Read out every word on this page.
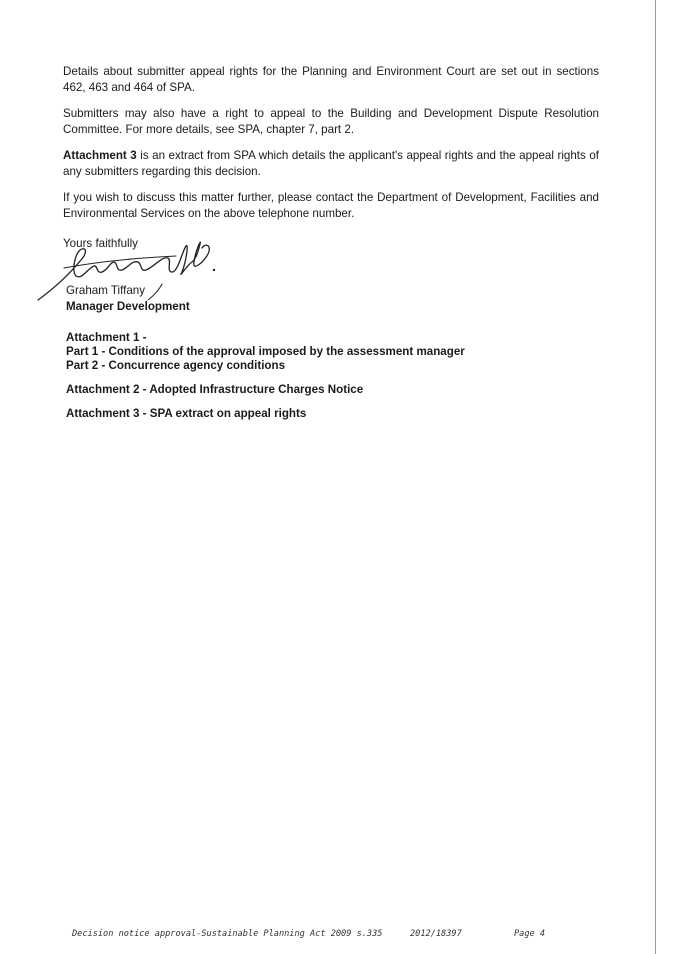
Details about submitter appeal rights for the Planning and Environment Court are set out in sections 462, 463 and 464 of SPA.

Submitters may also have a right to appeal to the Building and Development Dispute Resolution Committee. For more details, see SPA, chapter 7, part 2.

Attachment 3 is an extract from SPA which details the applicant's appeal rights and the appeal rights of any submitters regarding this decision.

If you wish to discuss this matter further, please contact the Department of Development, Facilities and Environmental Services on the above telephone number.

Yours faithfully
Graham Tiffany
Manager Development
Attachment 1 -
Part 1 - Conditions of the approval imposed by the assessment manager
Part 2 - Concurrence agency conditions
Attachment 2 - Adopted Infrastructure Charges Notice
Attachment 3 - SPA extract on appeal rights
Decision notice approval-Sustainable Planning Act 2009 s.335	2012/18397	Page 4
